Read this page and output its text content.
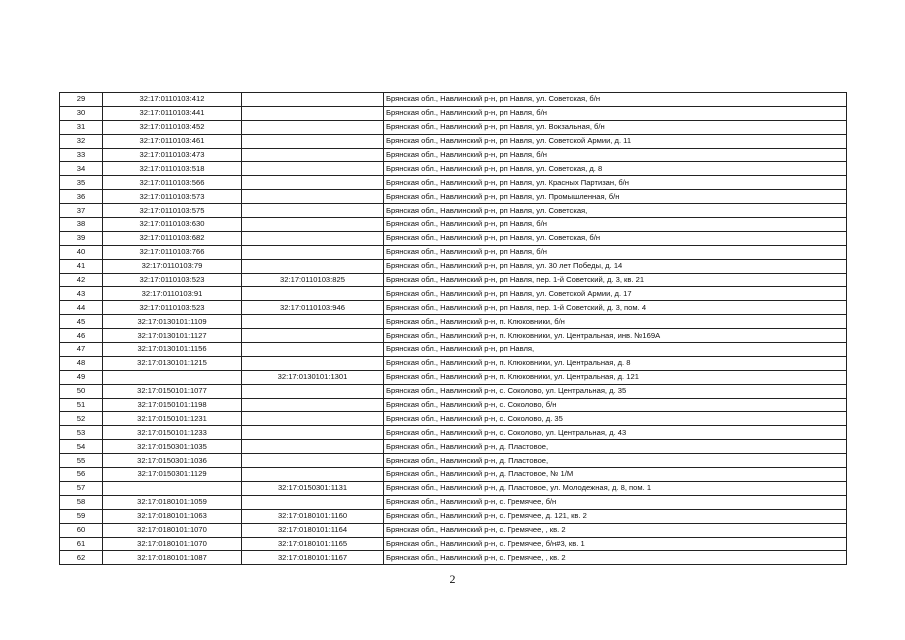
29	32:17:0110103:412		Брянская обл., Навлинский р-н, рп Навля, ул. Советская, б/н
30	32:17:0110103:441		Брянская обл., Навлинский р-н, рп Навля, б/н
31	32:17:0110103:452		Брянская обл., Навлинский р-н, рп Навля, ул. Вокзальная, б/н
32	32:17:0110103:461		Брянская обл., Навлинский р-н, рп Навля, ул. Советской Армии, д. 11
33	32:17:0110103:473		Брянская обл., Навлинский р-н, рп Навля, б/н
34	32:17:0110103:518		Брянская обл., Навлинский р-н, рп Навля, ул. Советская, д. 8
35	32:17:0110103:566		Брянская обл., Навлинский р-н, рп Навля, ул. Красных Партизан, б/н
36	32:17:0110103:573		Брянская обл., Навлинский р-н, рп Навля, ул. Промышленная, б/н
37	32:17:0110103:575		Брянская обл., Навлинский р-н, рп Навля, ул. Советская,
38	32:17:0110103:630		Брянская обл., Навлинский р-н, рп Навля, б/н
39	32:17:0110103:682		Брянская обл., Навлинский р-н, рп Навля, ул. Советская, б/н
40	32:17:0110103:766		Брянская обл., Навлинский р-н, рп Навля, б/н
41	32:17:0110103:79		Брянская обл., Навлинский р-н, рп Навля, ул. 30 лет Победы, д. 14
42	32:17:0110103:523	32:17:0110103:825	Брянская обл., Навлинский р-н, рп Навля, пер. 1-й Советский, д. 3, кв. 21
43	32:17:0110103:91		Брянская обл., Навлинский р-н, рп Навля, ул. Советской Армии, д. 17
44	32:17:0110103:523	32:17:0110103:946	Брянская обл., Навлинский р-н, рп Навля, пер. 1-й Советский, д. 3, пом. 4
45	32:17:0130101:1109		Брянская обл., Навлинский р-н, п. Клюковники, б/н
46	32:17:0130101:1127		Брянская обл., Навлинский р-н, п. Клюковники, ул. Центральная, инв. №169А
47	32:17:0130101:1156		Брянская обл., Навлинский р-н, рп Навля,
48	32:17:0130101:1215		Брянская обл., Навлинский р-н, п. Клюковники, ул. Центральная, д. 8
49		32:17:0130101:1301	Брянская обл., Навлинский р-н, п. Клюковники, ул. Центральная, д. 121
50	32:17:0150101:1077		Брянская обл., Навлинский р-н, с. Соколово, ул. Центральная, д. 35
51	32:17:0150101:1198		Брянская обл., Навлинский р-н, с. Соколово, б/н
52	32:17:0150101:1231		Брянская обл., Навлинский р-н, с. Соколово, д. 35
53	32:17:0150101:1233		Брянская обл., Навлинский р-н, с. Соколово, ул. Центральная, д. 43
54	32:17:0150301:1035		Брянская обл., Навлинский р-н, д. Пластовое,
55	32:17:0150301:1036		Брянская обл., Навлинский р-н, д. Пластовое,
56	32:17:0150301:1129		Брянская обл., Навлинский р-н, д. Пластовое, № 1/М
57		32:17:0150301:1131	Брянская обл., Навлинский р-н, д. Пластовое, ул. Молодежная, д. 8, пом. 1
58	32:17:0180101:1059		Брянская обл., Навлинский р-н, с. Гремячее, б/н
59	32:17:0180101:1063	32:17:0180101:1160	Брянская обл., Навлинский р-н, с. Гремячее, д. 121, кв. 2
60	32:17:0180101:1070	32:17:0180101:1164	Брянская обл., Навлинский р-н, с. Гремячее, , кв. 2
61	32:17:0180101:1070	32:17:0180101:1165	Брянская обл., Навлинский р-н, с. Гремячее, б/н#3, кв. 1
62	32:17:0180101:1087	32:17:0180101:1167	Брянская обл., Навлинский р-н, с. Гремячее, , кв. 2
2
